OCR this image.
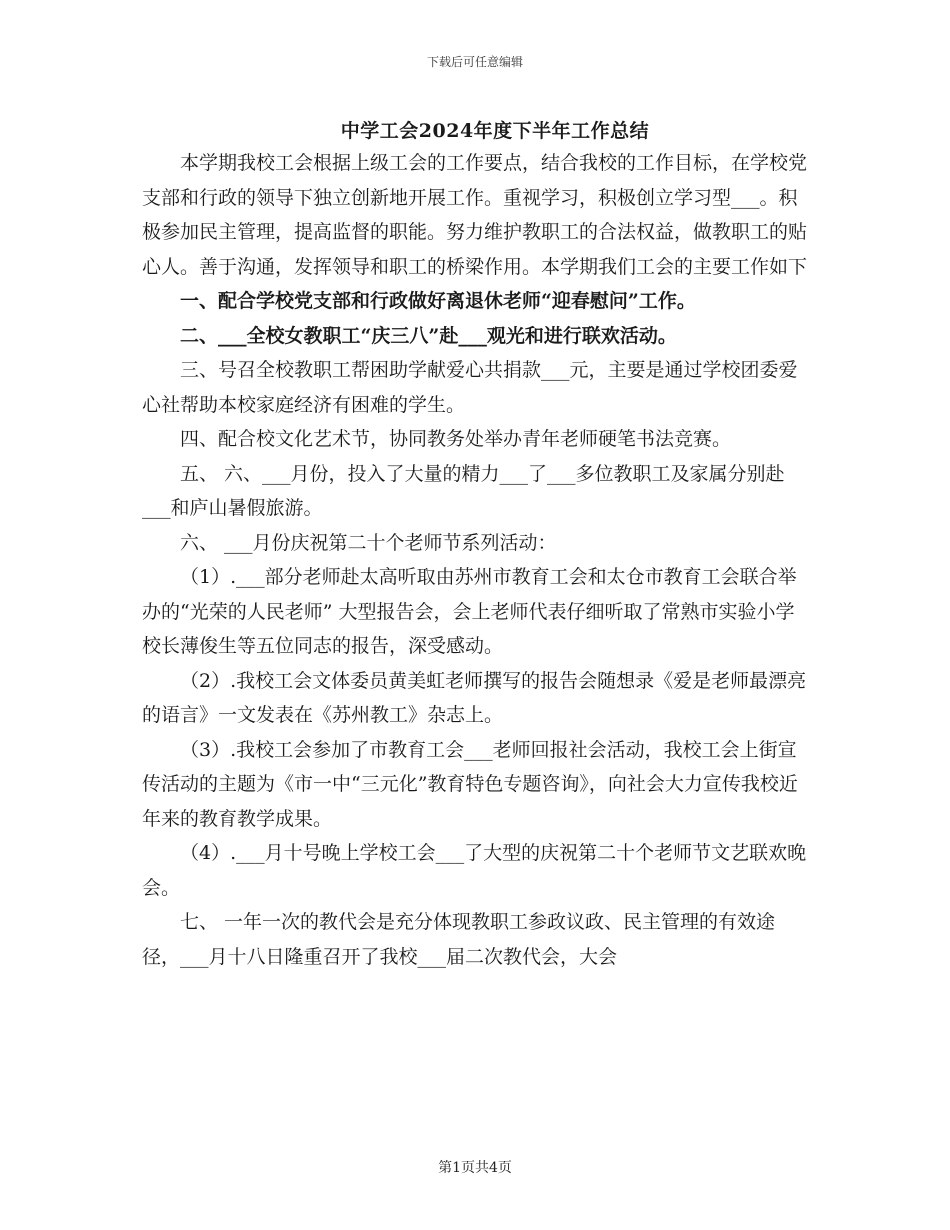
下载后可任意编辑
中学工会2024年度下半年工作总结

本学期我校工会根据上级工会的工作要点，结合我校的工作目标，在学校党支部和行政的领导下独立创新地开展工作。重视学习，积极创立学习型___。积极参加民主管理，提高监督的职能。努力维护教职工的合法权益，做教职工的贴心人。善于沟通，发挥领导和职工的桥梁作用。本学期我们工会的主要工作如下

一、配合学校党支部和行政做好离退休老师“迎春慰问”工作。

二、___全校女教职工“庆三八”赴___观光和进行联欢活动。

三、号召全校教职工帮困助学献爱心共捐款___元，主要是通过学校团委爱心社帮助本校家庭经济有困难的学生。

四、配合校文化艺术节，协同教务处举办青年老师硬笔书法竞赛。

五、 六、___月份，投入了大量的精力___了___多位教职工及家属分别赴___和庐山暑假旅游。

六、 ___月份庆祝第二十个老师节系列活动：

（1）.___部分老师赴太高听取由苏州市教育工会和太仓市教育工会联合举办的“光荣的人民老师” 大型报告会，会上老师代表仔细听取了常熟市实验小学校长薄俊生等五位同志的报告，深受感动。

（2）.我校工会文体委员黄美虹老师撰写的报告会随想录《爱是老师最漂亮的语言》一文发表在《苏州教工》杂志上。

（3）.我校工会参加了市教育工会___老师回报社会活动，我校工会上街宣传活动的主题为《市一中“三元化”教育特色专题咨询》，向社会大力宣传我校近年来的教育教学成果。

（4）.___月十号晚上学校工会___了大型的庆祝第二十个老师节文艺联欢晚会。

七、 一年一次的教代会是充分体现教职工参政议政、民主管理的有效途径，___月十八日隆重召开了我校___届二次教代会，大会

第1页共4页
